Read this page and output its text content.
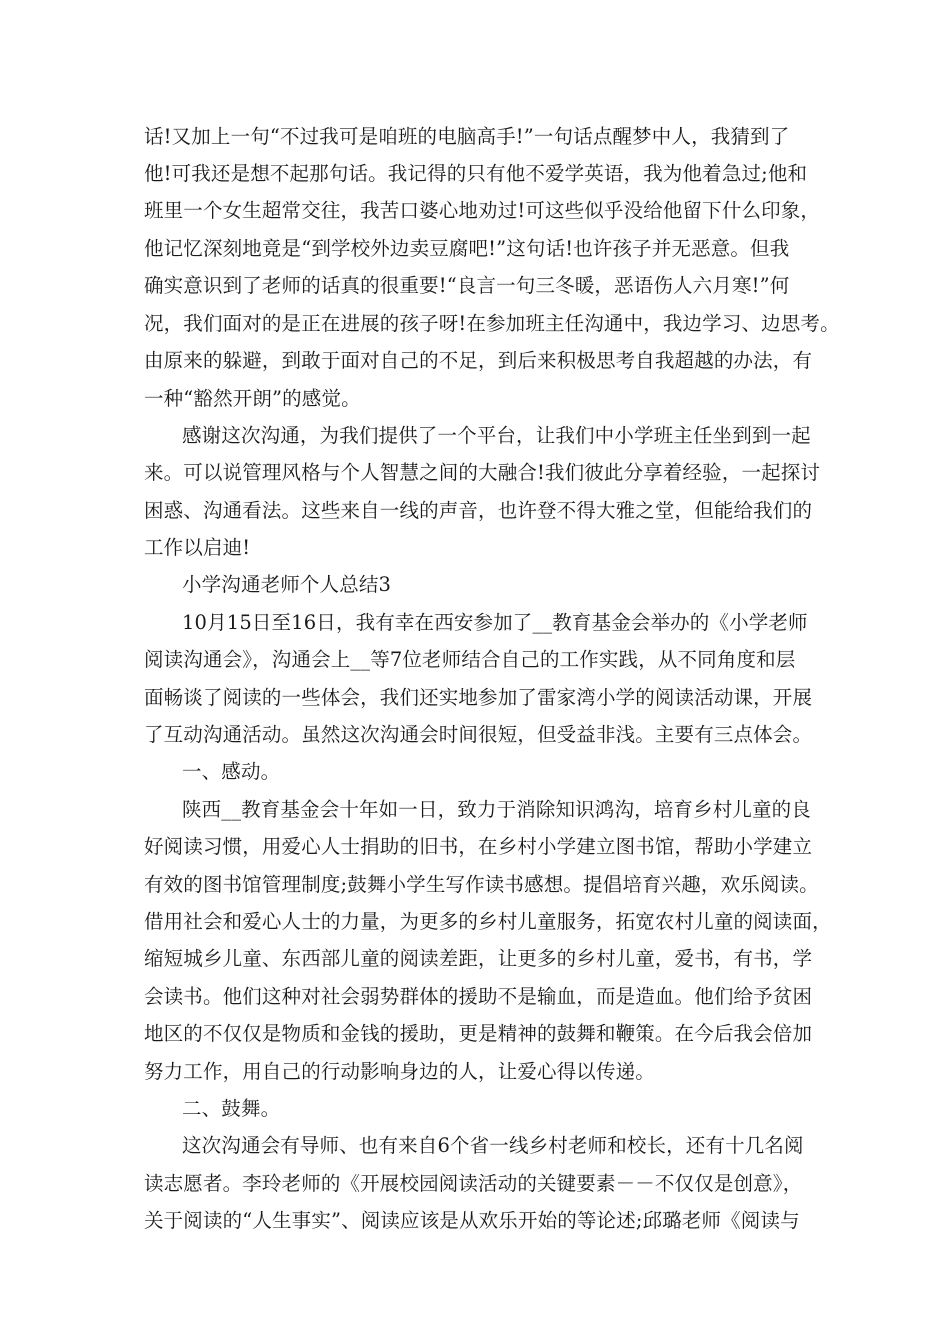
话!又加上一句“不过我可是咱班的电脑高手!”一句话点醒梦中人，我猜到了
他!可我还是想不起那句话。我记得的只有他不爱学英语，我为他着急过;他和
班里一个女生超常交往，我苦口婆心地劝过!可这些似乎没给他留下什么印象，
他记忆深刻地竟是“到学校外边卖豆腐吧!”这句话!也许孩子并无恶意。但我
确实意识到了老师的话真的很重要!“良言一句三冬暖，恶语伤人六月寒!”何
况，我们面对的是正在进展的孩子呀!在参加班主任沟通中，我边学习、边思考。
由原来的躲避，到敢于面对自己的不足，到后来积极思考自我超越的办法，有
一种“豁然开朗”的感觉。
感谢这次沟通，为我们提供了一个平台，让我们中小学班主任坐到到一起
来。可以说管理风格与个人智慧之间的大融合!我们彼此分享着经验，一起探讨
困惑、沟通看法。这些来自一线的声音，也许登不得大雅之堂，但能给我们的
工作以启迪!
小学沟通老师个人总结3
10月15日至16日，我有幸在西安参加了__教育基金会举办的《小学老师
阅读沟通会》，沟通会上__等7位老师结合自己的工作实践，从不同角度和层
面畅谈了阅读的一些体会，我们还实地参加了雷家湾小学的阅读活动课，开展
了互动沟通活动。虽然这次沟通会时间很短，但受益非浅。主要有三点体会。
一、感动。
陕西__教育基金会十年如一日，致力于消除知识鸿沟，培育乡村儿童的良
好阅读习惯，用爱心人士捐助的旧书，在乡村小学建立图书馆，帮助小学建立
有效的图书馆管理制度;鼓舞小学生写作读书感想。提倡培育兴趣，欢乐阅读。
借用社会和爱心人士的力量，为更多的乡村儿童服务，拓宽农村儿童的阅读面，
缩短城乡儿童、东西部儿童的阅读差距，让更多的乡村儿童，爱书，有书，学
会读书。他们这种对社会弱势群体的援助不是输血，而是造血。他们给予贫困
地区的不仅仅是物质和金钱的援助，更是精神的鼓舞和鞭策。在今后我会倍加
努力工作，用自己的行动影响身边的人，让爱心得以传递。
二、鼓舞。
这次沟通会有导师、也有来自6个省一线乡村老师和校长，还有十几名阅
读志愿者。李玲老师的《开展校园阅读活动的关键要素－－不仅仅是创意》，
关于阅读的“人生事实”、阅读应该是从欢乐开始的等论述;邱璐老师《阅读与
